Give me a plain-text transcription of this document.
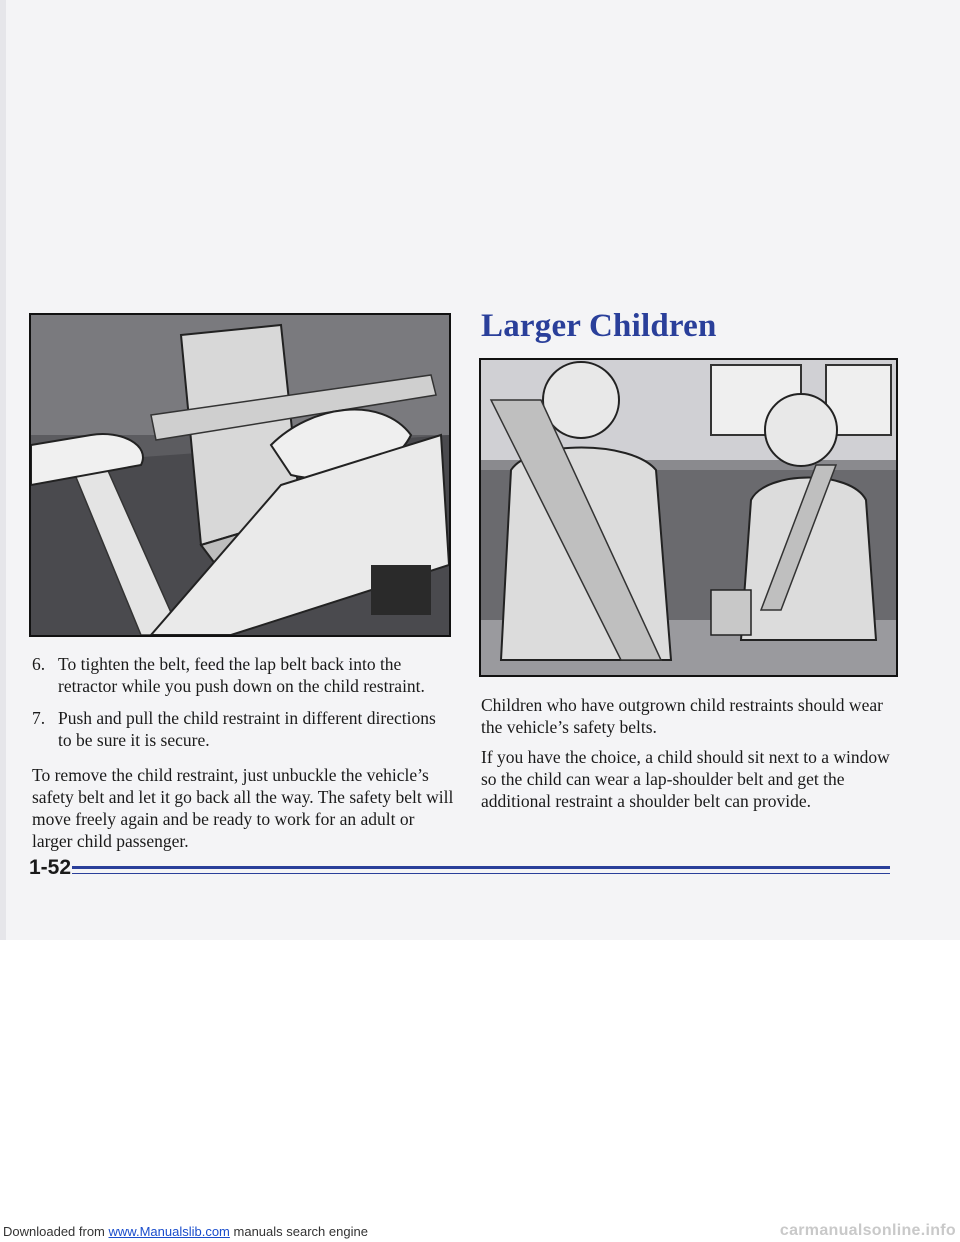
Larger Children
6. To tighten the belt, feed the lap belt back into the retractor while you push down on the child restraint.
7. Push and pull the child restraint in different directions to be sure it is secure.

To remove the child restraint, just unbuckle the vehicle’s safety belt and let it go back all the way. The safety belt will move freely again and be ready to work for an adult or larger child passenger.

Children who have outgrown child restraints should wear the vehicle’s safety belts.

If you have the choice, a child should sit next to a window so the child can wear a lap-shoulder belt and get the additional restraint a shoulder belt can provide.

1-52
Downloaded from www.Manualslib.com manuals search engine	carmanualsonline.info
